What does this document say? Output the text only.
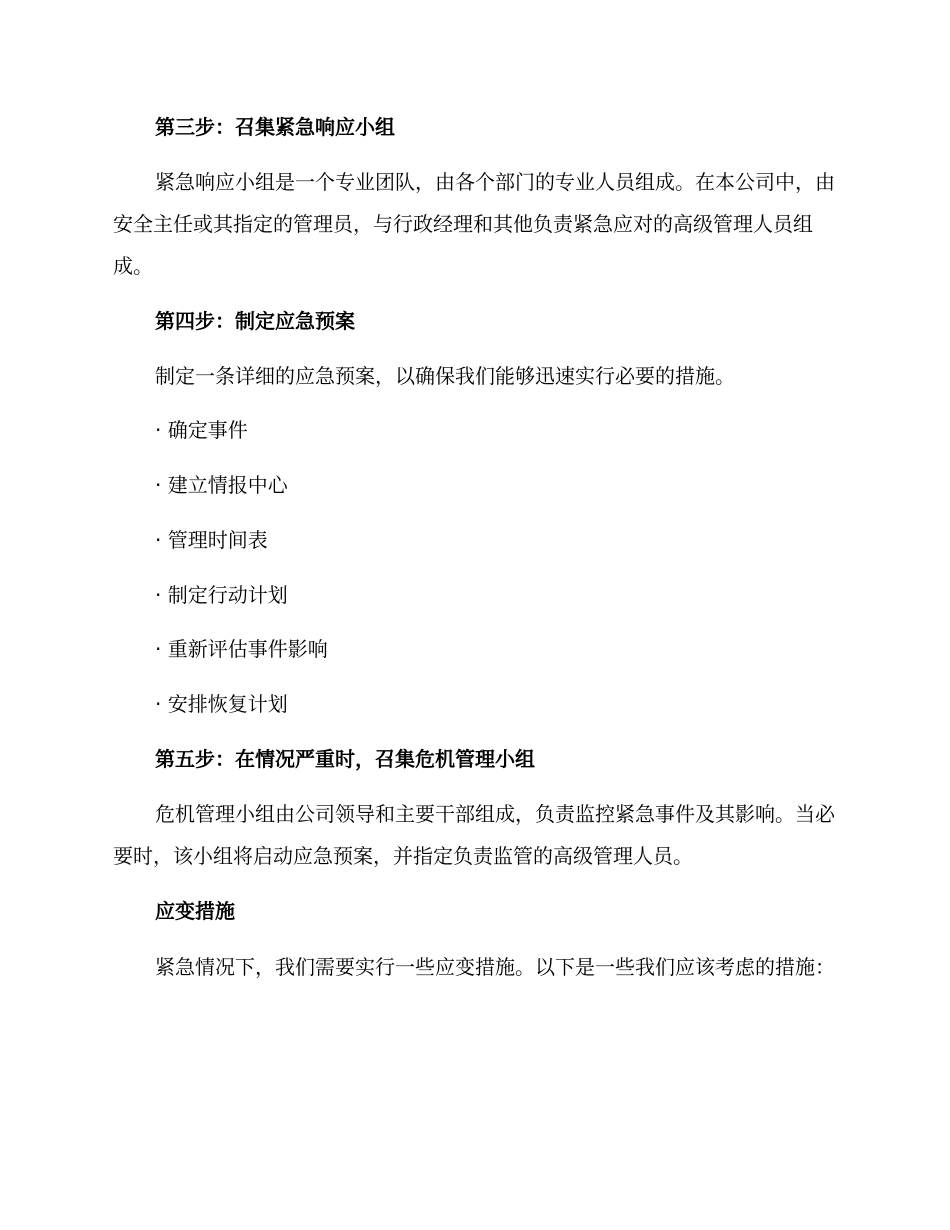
第三步：召集紧急响应小组
紧急响应小组是一个专业团队，由各个部门的专业人员组成。在本公司中，由安全主任或其指定的管理员，与行政经理和其他负责紧急应对的高级管理人员组成。
第四步：制定应急预案
制定一条详细的应急预案，以确保我们能够迅速实行必要的措施。
· 确定事件
· 建立情报中心
· 管理时间表
· 制定行动计划
· 重新评估事件影响
· 安排恢复计划
第五步：在情况严重时，召集危机管理小组
危机管理小组由公司领导和主要干部组成，负责监控紧急事件及其影响。当必要时，该小组将启动应急预案，并指定负责监管的高级管理人员。
应变措施
紧急情况下，我们需要实行一些应变措施。以下是一些我们应该考虑的措施：
